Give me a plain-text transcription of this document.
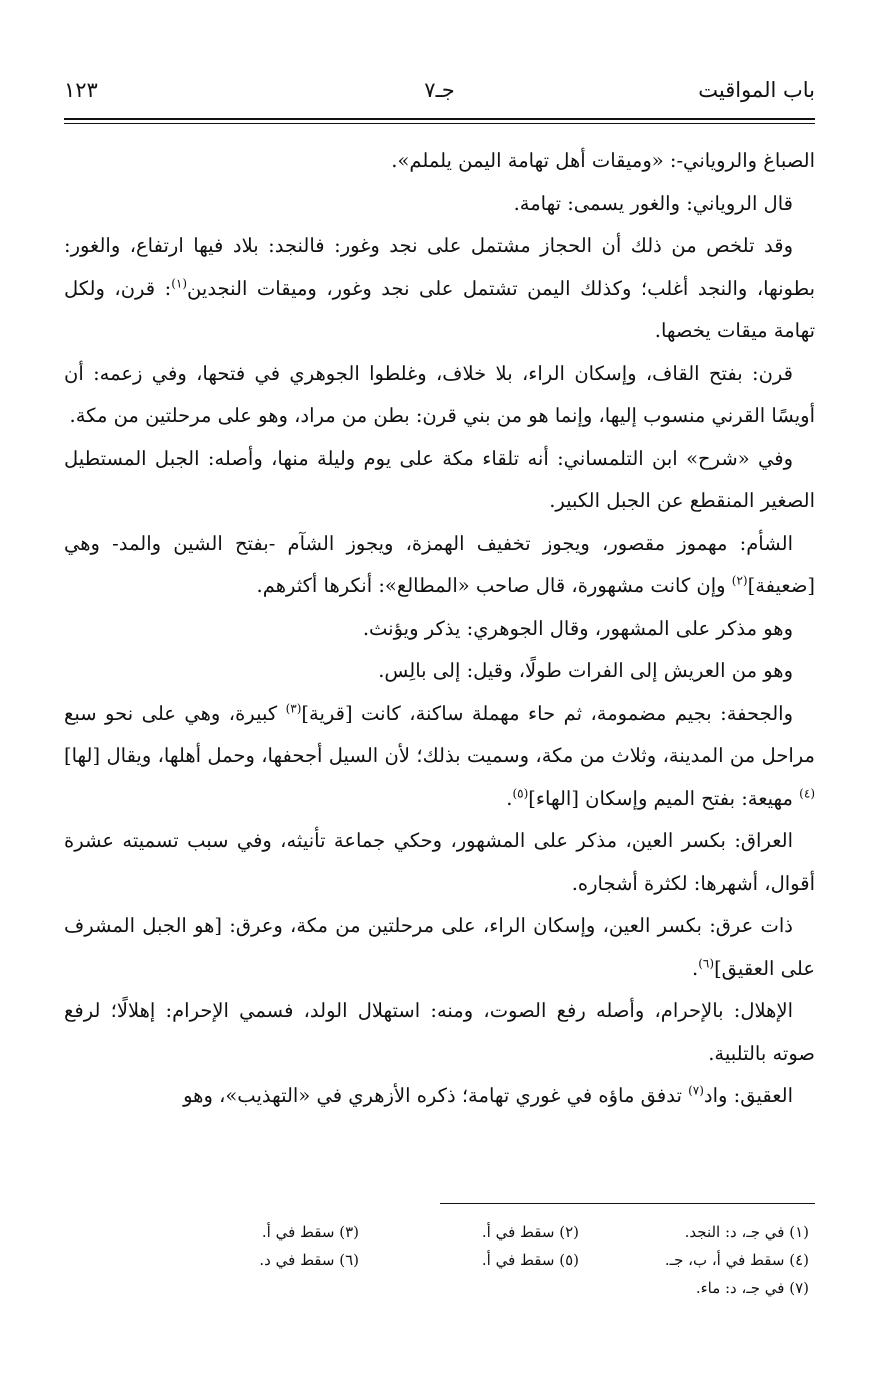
باب المواقيت
جـ٧
١٢٣

الصباغ والروياني-: «وميقات أهل تهامة اليمن يلملم».

قال الروياني: والغور يسمى: تهامة.

وقد تلخص من ذلك أن الحجاز مشتمل على نجد وغور: فالنجد: بلاد فيها ارتفاع، والغور: بطونها، والنجد أغلب؛ وكذلك اليمن تشتمل على نجد وغور، وميقات النجدين$^{(١)}$: قرن، ولكل تهامة ميقات يخصها.

قرن: بفتح القاف، وإسكان الراء، بلا خلاف، وغلطوا الجوهري في فتحها، وفي زعمه: أن أويسًا القرني منسوب إليها، وإنما هو من بني قرن: بطن من مراد، وهو على مرحلتين من مكة.

وفي «شرح» ابن التلمساني: أنه تلقاء مكة على يوم وليلة منها، وأصله: الجبل المستطيل الصغير المنقطع عن الجبل الكبير.

الشأم: مهموز مقصور، ويجوز تخفيف الهمزة، ويجوز الشآم -بفتح الشين والمد- وهي [ضعيفة]$^{(٢)}$ وإن كانت مشهورة، قال صاحب «المطالع»: أنكرها أكثرهم.

وهو مذكر على المشهور، وقال الجوهري: يذكر ويؤنث.

وهو من العريش إلى الفرات طولًا، وقيل: إلى بالِس.

والجحفة: بجيم مضمومة، ثم حاء مهملة ساكنة، كانت [قرية]$^{(٣)}$ كبيرة، وهي على نحو سبع مراحل من المدينة، وثلاث من مكة، وسميت بذلك؛ لأن السيل أجحفها، وحمل أهلها، ويقال [لها]$^{(٤)}$ مهيعة: بفتح الميم وإسكان [الهاء]$^{(٥)}$.

العراق: بكسر العين، مذكر على المشهور، وحكي جماعة تأنيثه، وفي سبب تسميته عشرة أقوال، أشهرها: لكثرة أشجاره.

ذات عرق: بكسر العين، وإسكان الراء، على مرحلتين من مكة، وعرق: [هو الجبل المشرف على العقيق]$^{(٦)}$.

الإهلال: بالإحرام، وأصله رفع الصوت، ومنه: استهلال الولد، فسمي الإحرام: إهلالًا؛ لرفع صوته بالتلبية.

العقيق: واد$^{(٧)}$ تدفق ماؤه في غوري تهامة؛ ذكره الأزهري في «التهذيب»، وهو

(١) في جـ، د: النجد.
(٢) سقط في أ.
(٣) سقط في أ.
(٤) سقط في أ، ب، جـ.
(٥) سقط في أ.
(٦) سقط في د.
(٧) في جـ، د: ماء.
